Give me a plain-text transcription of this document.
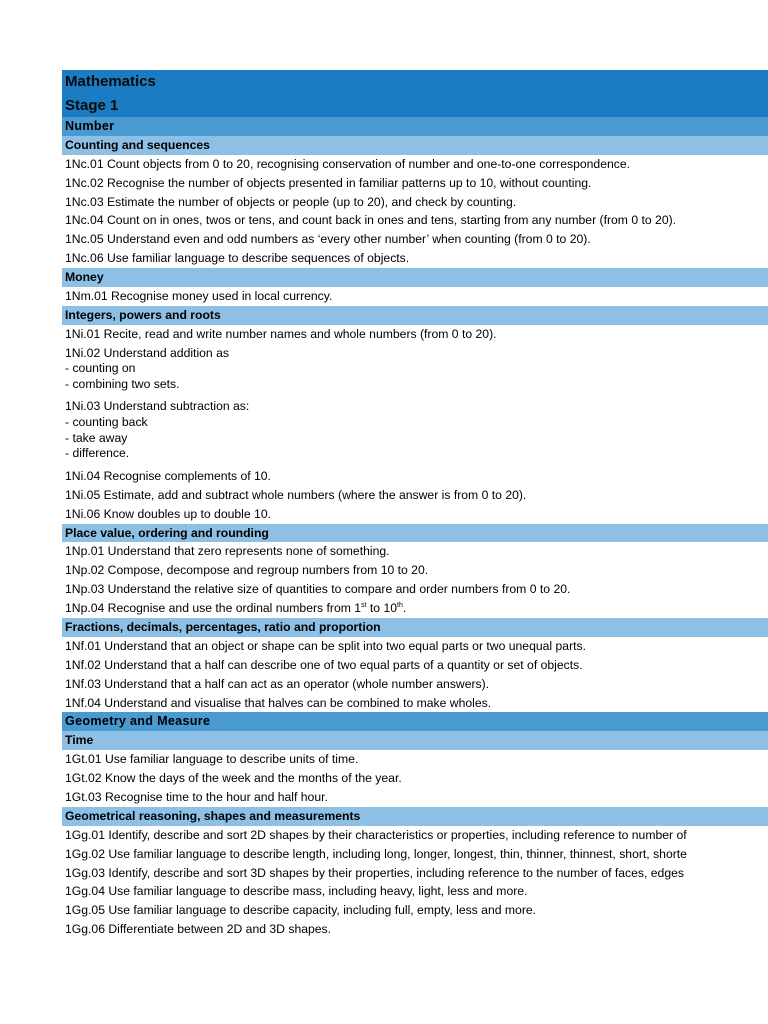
Mathematics
Stage 1
Number
Counting and sequences
1Nc.01 Count objects from 0 to 20, recognising conservation of number and one-to-one correspondence.
1Nc.02 Recognise the number of objects presented in familiar patterns up to 10, without counting.
1Nc.03 Estimate the number of objects or people (up to 20), and check by counting.
1Nc.04 Count on in ones, twos or tens, and count back in ones and tens, starting from any number (from 0 to 20).
1Nc.05 Understand even and odd numbers as ‘every other number’ when counting (from 0 to 20).
1Nc.06 Use familiar language to describe sequences of objects.
Money
1Nm.01 Recognise money used in local currency.
Integers, powers and roots
1Ni.01 Recite, read and write number names and whole numbers (from 0 to 20).
1Ni.02 Understand addition as
- counting on
- combining two sets.
1Ni.03 Understand subtraction as:
- counting back
- take away
- difference.
1Ni.04 Recognise complements of 10.
1Ni.05 Estimate, add and subtract whole numbers (where the answer is from 0 to 20).
1Ni.06 Know doubles up to double 10.
Place value, ordering and rounding
1Np.01 Understand that zero represents none of something.
1Np.02 Compose, decompose and regroup numbers from 10 to 20.
1Np.03 Understand the relative size of quantities to compare and order numbers from 0 to 20.
1Np.04 Recognise and use the ordinal numbers from 1st to 10th.
Fractions, decimals, percentages, ratio and proportion
1Nf.01 Understand that an object or shape can be split into two equal parts or two unequal parts.
1Nf.02 Understand that a half can describe one of two equal parts of a quantity or set of objects.
1Nf.03 Understand that a half can act as an operator (whole number answers).
1Nf.04 Understand and visualise that halves can be combined to make wholes.
Geometry and Measure
Time
1Gt.01 Use familiar language to describe units of time.
1Gt.02 Know the days of the week and the months of the year.
1Gt.03 Recognise time to the hour and half hour.
Geometrical reasoning, shapes and measurements
1Gg.01 Identify, describe and sort 2D shapes by their characteristics or properties, including reference to number of
1Gg.02 Use familiar language to describe length, including long, longer, longest, thin, thinner, thinnest, short, shorte
1Gg.03 Identify, describe and sort 3D shapes by their properties, including reference to the number of faces, edges
1Gg.04 Use familiar language to describe mass, including heavy, light, less and more.
1Gg.05 Use familiar language to describe capacity, including full, empty, less and more.
1Gg.06 Differentiate between 2D and 3D shapes.
